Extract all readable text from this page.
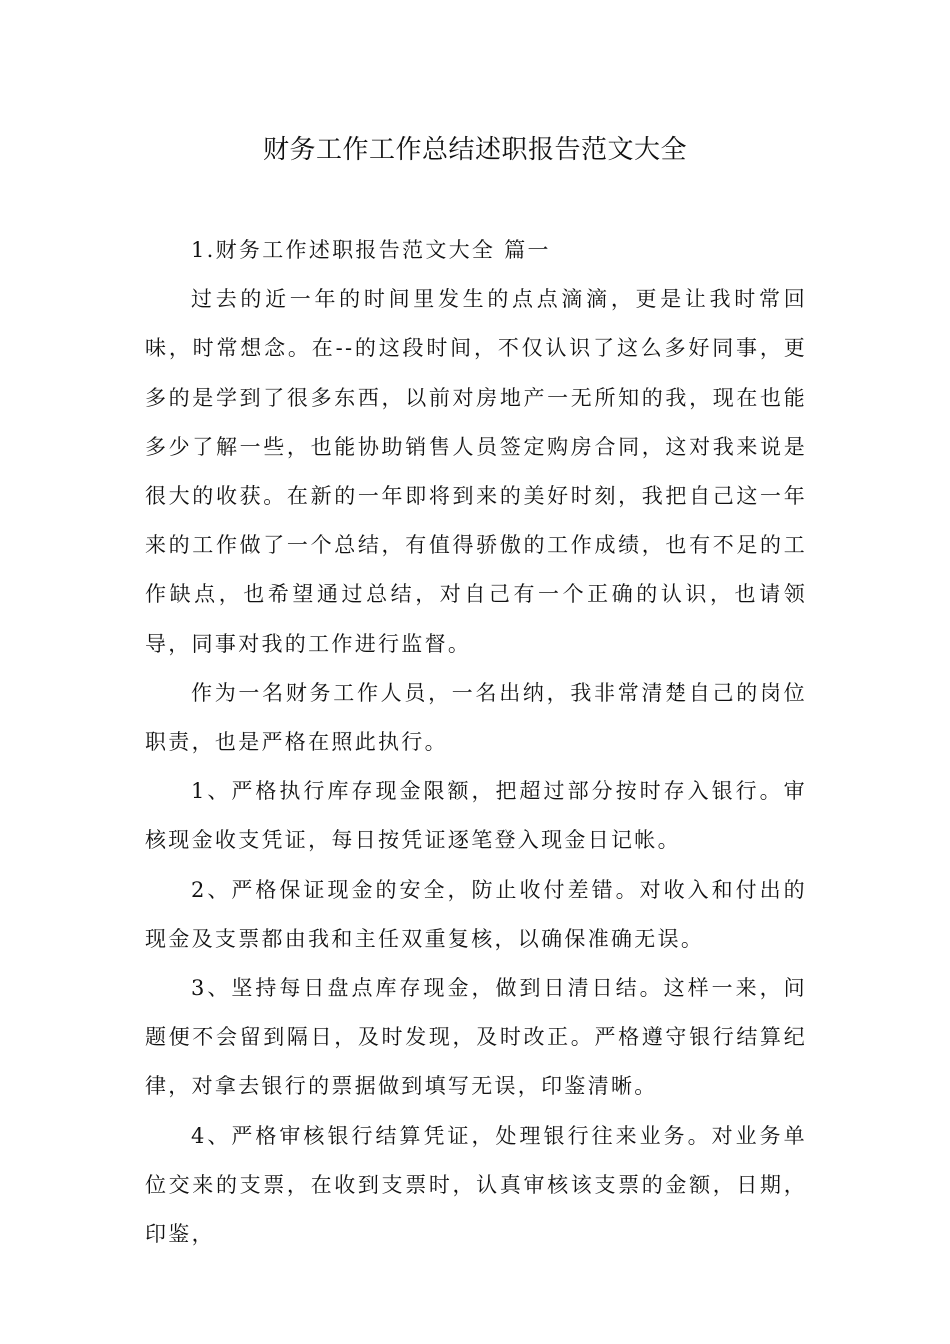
财务工作工作总结述职报告范文大全

1.财务工作述职报告范文大全 篇一

过去的近一年的时间里发生的点点滴滴，更是让我时常回味，时常想念。在--的这段时间，不仅认识了这么多好同事，更多的是学到了很多东西，以前对房地产一无所知的我，现在也能多少了解一些，也能协助销售人员签定购房合同，这对我来说是很大的收获。在新的一年即将到来的美好时刻，我把自己这一年来的工作做了一个总结，有值得骄傲的工作成绩，也有不足的工作缺点，也希望通过总结，对自己有一个正确的认识，也请领导，同事对我的工作进行监督。

作为一名财务工作人员，一名出纳，我非常清楚自己的岗位职责，也是严格在照此执行。

1、严格执行库存现金限额，把超过部分按时存入银行。审核现金收支凭证，每日按凭证逐笔登入现金日记帐。

2、严格保证现金的安全，防止收付差错。对收入和付出的现金及支票都由我和主任双重复核，以确保准确无误。

3、坚持每日盘点库存现金，做到日清日结。这样一来，问题便不会留到隔日，及时发现，及时改正。严格遵守银行结算纪律，对拿去银行的票据做到填写无误，印鉴清晰。

4、严格审核银行结算凭证，处理银行往来业务。对业务单位交来的支票，在收到支票时，认真审核该支票的金额，日期，印鉴，
